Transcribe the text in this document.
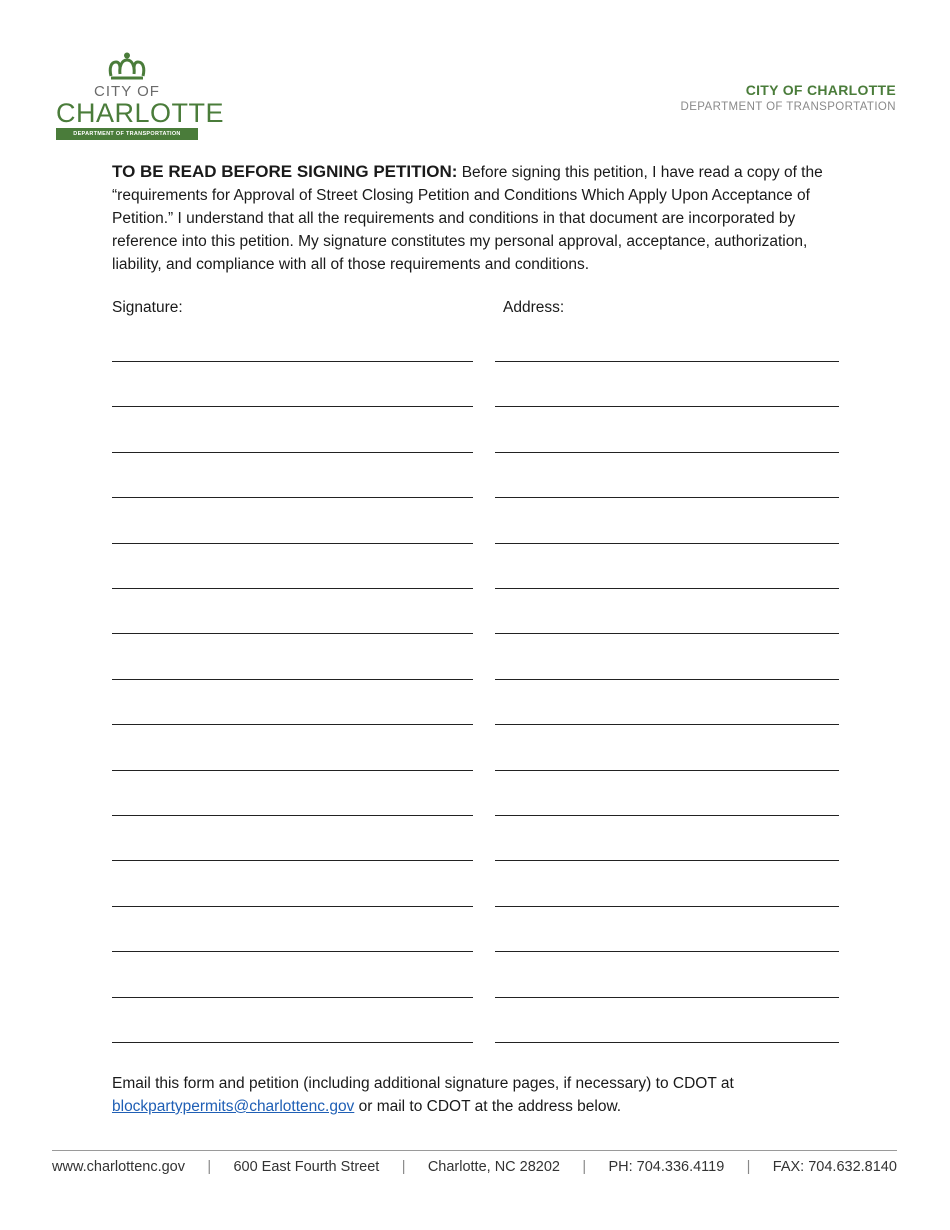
CITY OF
CHARLOTTE
DEPARTMENT OF TRANSPORTATION
CITY OF CHARLOTTE
DEPARTMENT OF TRANSPORTATION
TO BE READ BEFORE SIGNING PETITION: Before signing this petition, I have read a copy of the “requirements for Approval of Street Closing Petition and Conditions Which Apply Upon Acceptance of Petition.” I understand that all the requirements and conditions in that document are incorporated by reference into this petition. My signature constitutes my personal approval, acceptance, authorization, liability, and compliance with all of those requirements and conditions.
Signature:	Address:
Email this form and petition (including additional signature pages, if necessary) to CDOT at blockpartypermits@charlottenc.gov or mail to CDOT at the address below.
www.charlottenc.gov | 600 East Fourth Street | Charlotte, NC 28202 | PH: 704.336.4119 | FAX: 704.632.8140
